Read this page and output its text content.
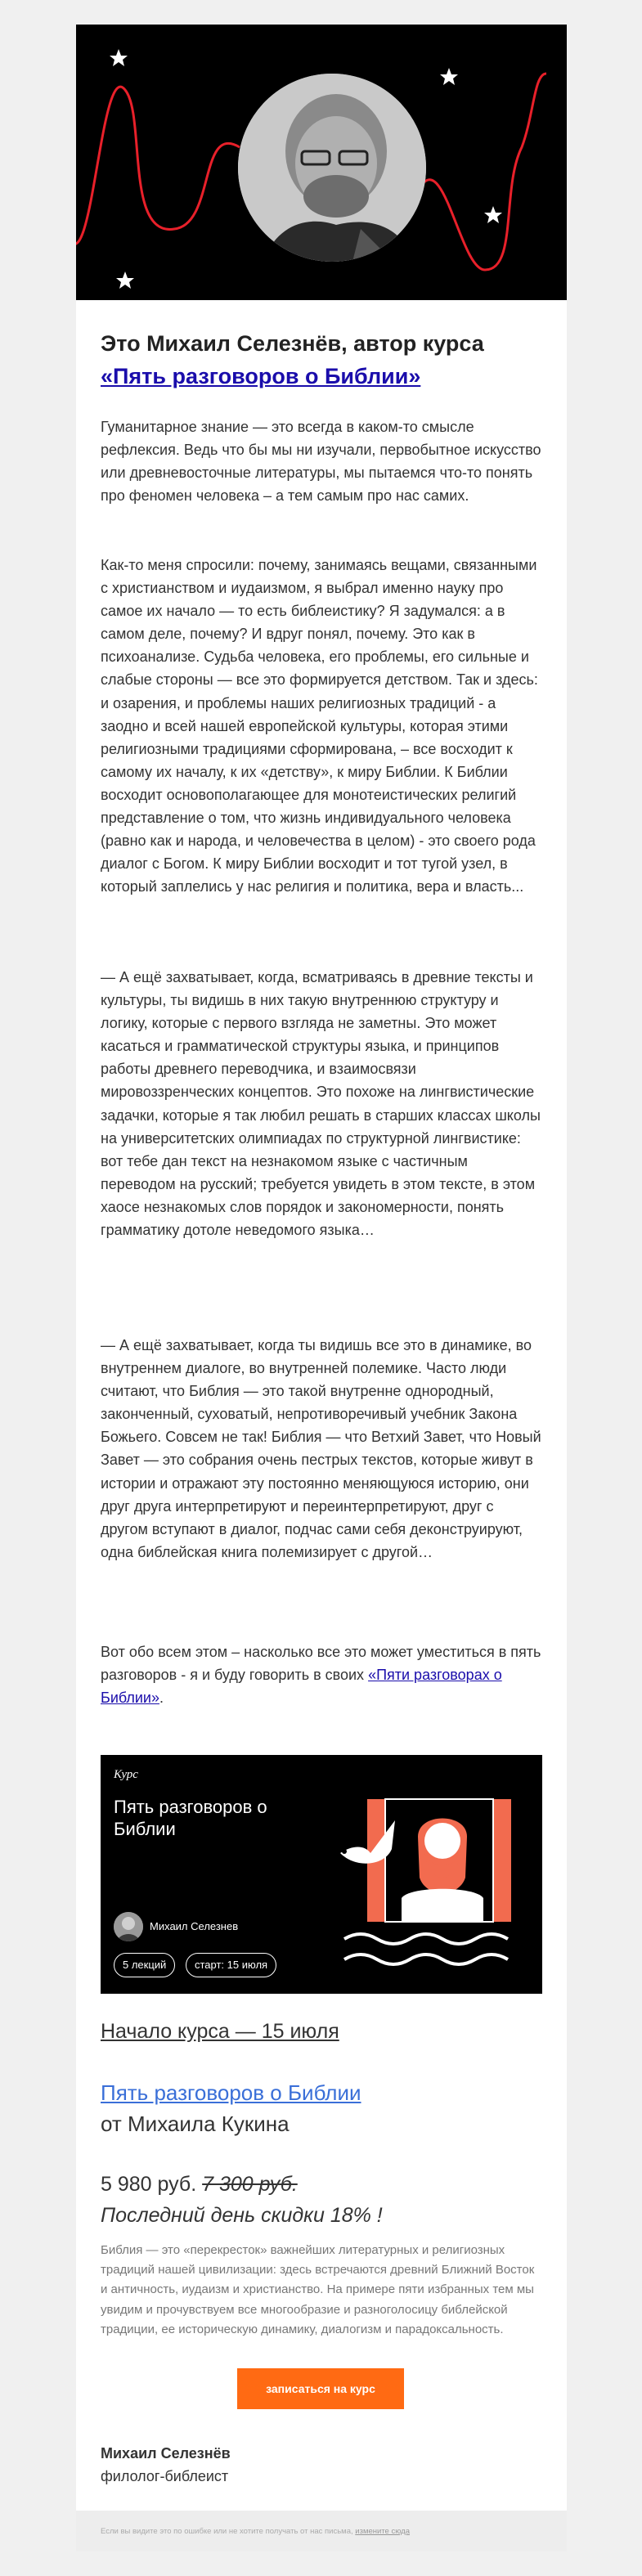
Это Михаил Селезнёв, автор курса
«Пять разговоров о Библии»

Гуманитарное знание — это всегда в каком-то смысле рефлексия. Ведь что бы мы ни изучали, первобытное искусство или древневосточные литературы, мы пытаемся что-то понять про феномен человека – а тем самым про нас самих.

Как-то меня спросили: почему, занимаясь вещами, связанными с христианством и иудаизмом, я выбрал именно науку про самое их начало — то есть библеистику? Я задумался: а в самом деле, почему? И вдруг понял, почему. Это как в психоанализе. Судьба человека, его проблемы, его сильные и слабые стороны — все это формируется детством. Так и здесь: и озарения, и проблемы наших религиозных традиций - а заодно и всей нашей европейской культуры, которая этими религиозными традициями сформирована, – все восходит к самому их началу, к их «детству», к миру Библии. К Библии восходит основополагающее для монотеистических религий представление о том, что жизнь индивидуального человека (равно как и народа, и человечества в целом) - это своего рода диалог с Богом. К миру Библии восходит и тот тугой узел, в который заплелись у нас религия и политика, вера и власть...

— А ещё захватывает, когда, всматриваясь в древние тексты и культуры, ты видишь в них такую внутреннюю структуру и логику, которые с первого взгляда не заметны. Это может касаться и грамматической структуры языка, и принципов работы древнего переводчика, и взаимосвязи мировоззренческих концептов. Это похоже на лингвистические задачки, которые я так любил решать в старших классах школы на университетских олимпиадах по структурной лингвистике: вот тебе дан текст на незнакомом языке с частичным переводом на русский; требуется увидеть в этом тексте, в этом хаосе незнакомых слов порядок и закономерности, понять грамматику дотоле неведомого языка…

— А ещё захватывает, когда ты видишь все это в динамике, во внутреннем диалоге, во внутренней полемике. Часто люди считают, что Библия — это такой внутренне однородный, законченный, суховатый, непротиворечивый учебник Закона Божьего. Совсем не так! Библия — что Ветхий Завет, что Новый Завет — это собрания очень пестрых текстов, которые живут в истории и отражают эту постоянно меняющуюся историю, они друг друга интерпретируют и переинтерпретируют, друг с другом вступают в диалог, подчас сами себя деконструируют, одна библейская книга полемизирует с другой…

Вот обо всем этом – насколько все это может уместиться в пять разговоров - я и буду говорить в своих «Пяти разговорах о Библии».

Курс
Пять разговоров о Библии
Михаил Селезнев
5 лекций	старт: 15 июля
Начало курса — 15 июля
Пять разговоров о Библии
от Михаила Кукина
5 980 руб. 7 300 руб.
Последний день скидки 18% !

Библия — это «перекресток» важнейших литературных и религиозных традиций нашей цивилизации: здесь встречаются древний Ближний Восток и античность, иудаизм и христианство. На примере пяти избранных тем мы увидим и прочувствуем все многообразие и разноголосицу библейской традиции, ее историческую динамику, диалогизм и парадоксальность.

записаться на курс
Михаил Селезнёв
филолог-библеист
Если вы видите это по ошибке или не хотите получать от нас письма, измените сюда
